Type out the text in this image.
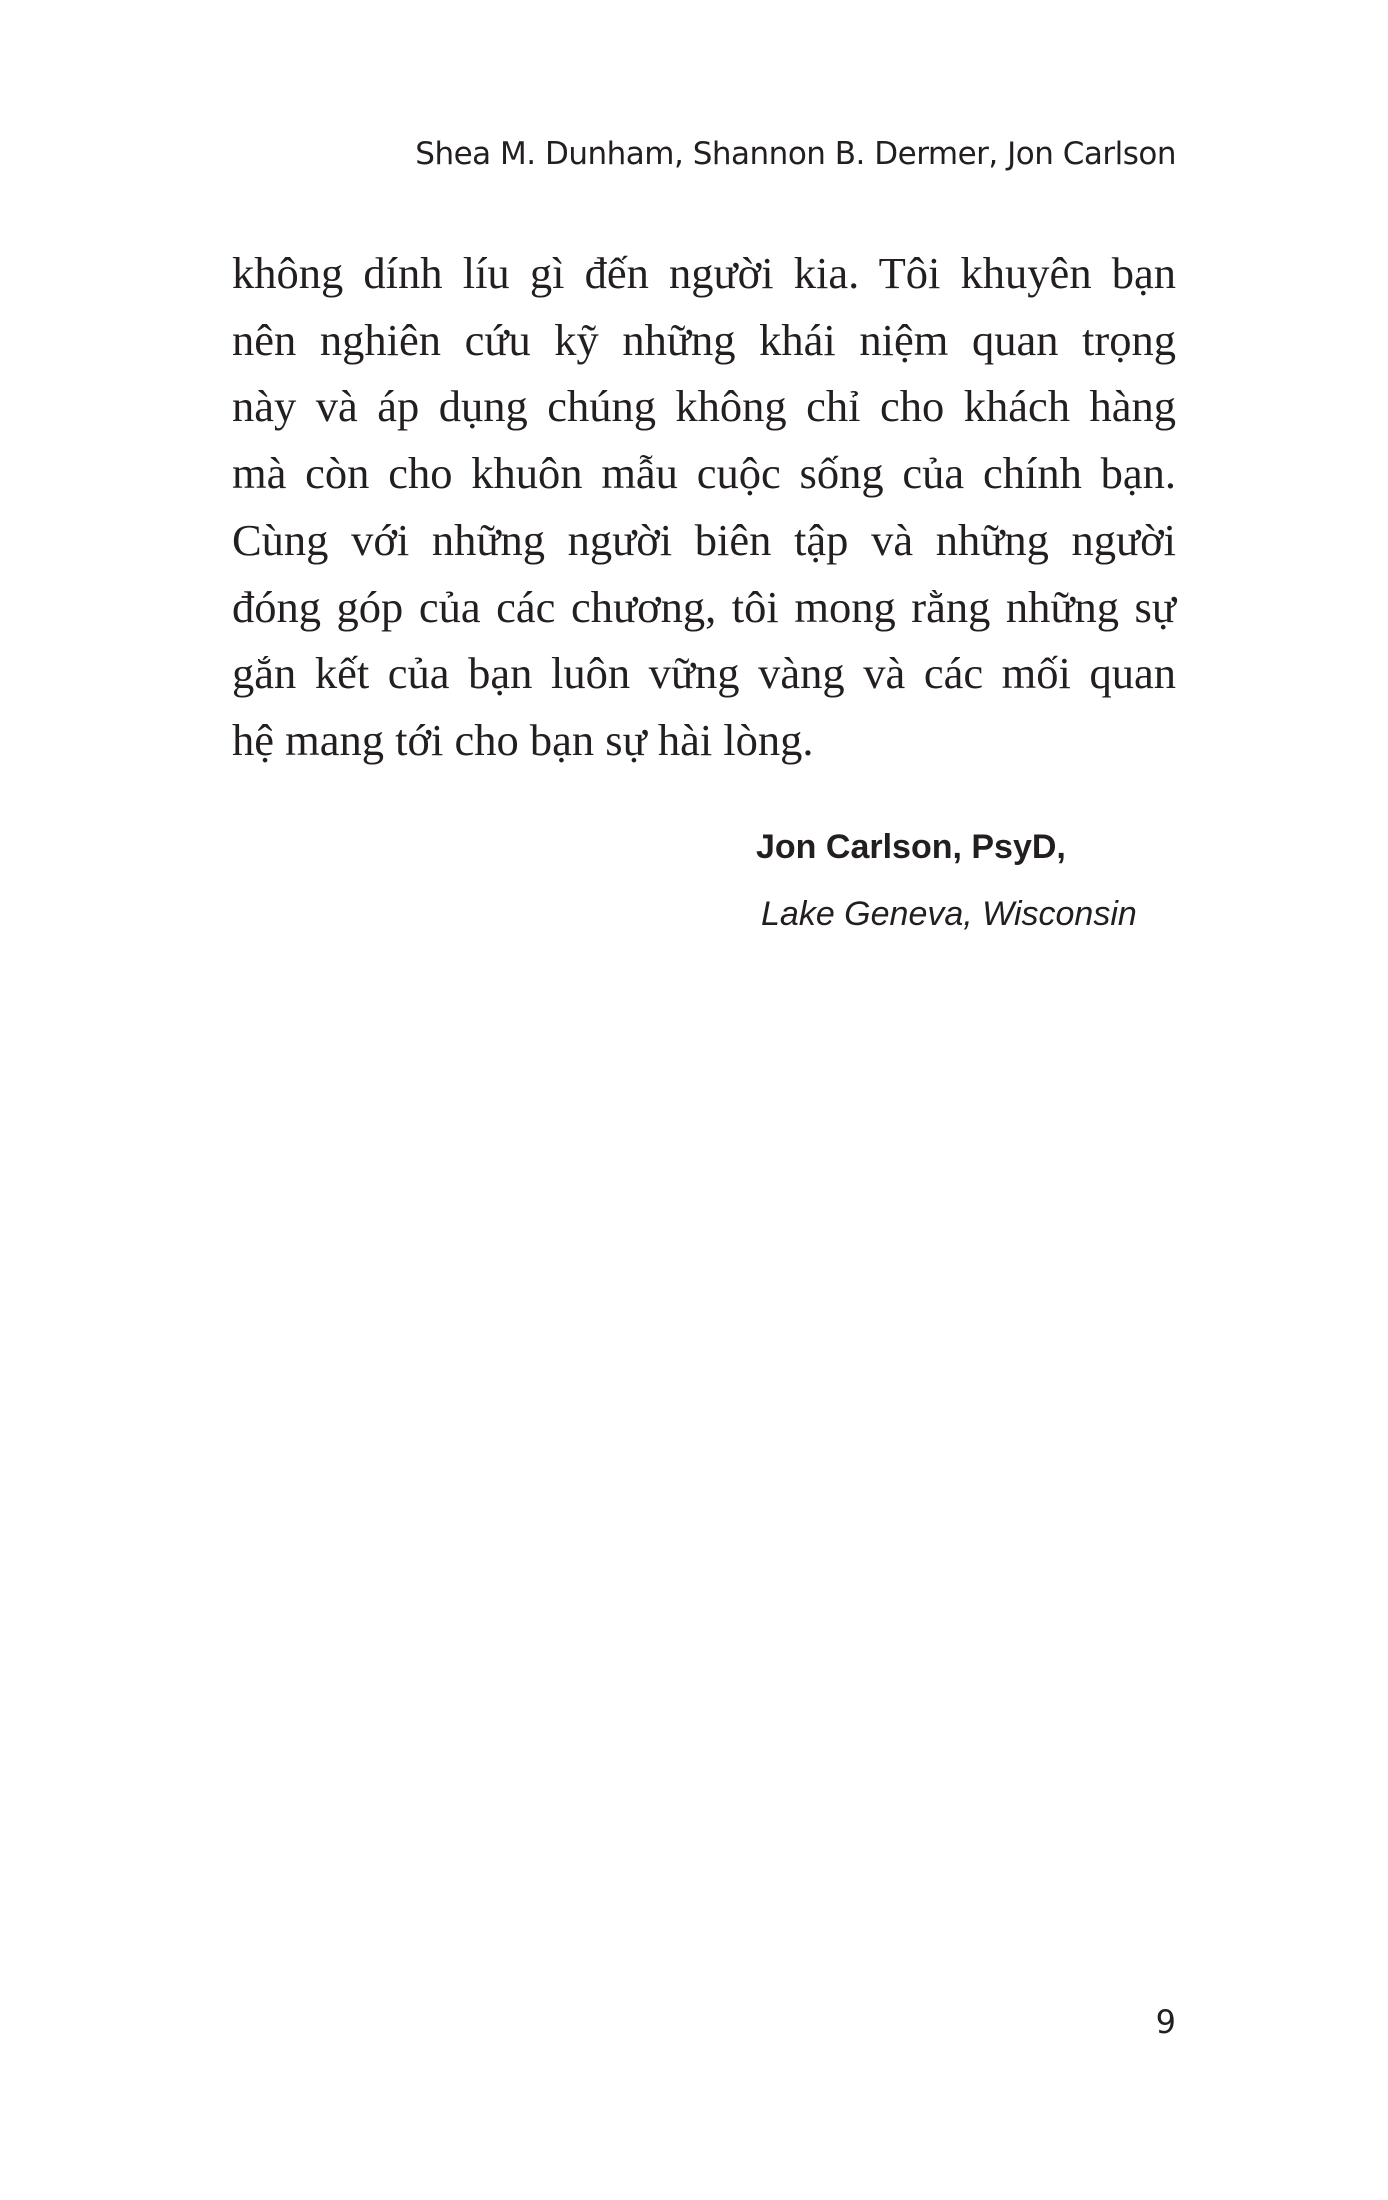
Shea M. Dunham, Shannon B. Dermer, Jon Carlson
không dính líu gì đến người kia. Tôi khuyên bạn
nên nghiên cứu kỹ những khái niệm quan trọng
này và áp dụng chúng không chỉ cho khách hàng
mà còn cho khuôn mẫu cuộc sống của chính bạn.
Cùng với những người biên tập và những người
đóng góp của các chương, tôi mong rằng những sự
gắn kết của bạn luôn vững vàng và các mối quan
hệ mang tới cho bạn sự hài lòng.
Jon Carlson, PsyD,
Lake Geneva, Wisconsin
9
